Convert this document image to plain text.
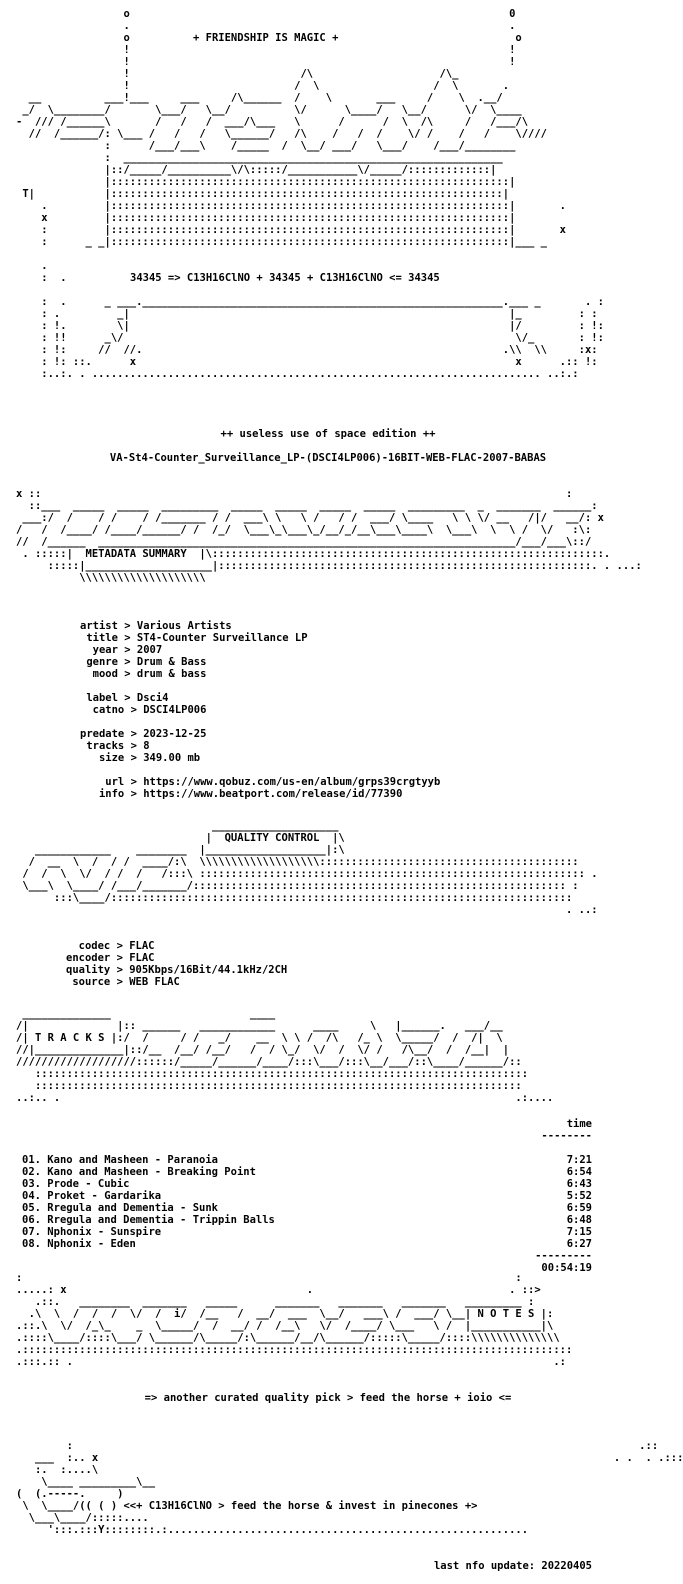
o                                                            0
.                                                            .
o          + FRIENDSHIP IS MAGIC +                            o
!                                                            !
!                                                            !
!                           /\                    /\_
!                          /  \                  /  \       .
__          ___!___     ___     /\______  /    \       ___     /    \  .__/
_/  \________/       \___/   \__/          \/      \____/   \__/      \/  \____
-  /// /______\       /   /   /  ___/\___   \      /      /  \  /\     /   /___/\
//  /______/: \___ /   /   /   \______/   /\    /   /  /    \/ /    /   /    \////
:      /___/___\    /_____  /  \__/ ___/   \___/    /___/________
:  ____________________________________________________________
|::/_____/__________\/\:::::/___________\/_____/:::::::::::::|
|:::::::::::::::::::::::::::::::::::::::::::::::::::::::::::::::|
T|           |::::::::::::::::::::::::::::::::::::::::::::::::::::::::::::::|
.         |:::::::::::::::::::::::::::::::::::::::::::::::::::::::::::::::|       .
x         |:::::::::::::::::::::::::::::::::::::::::::::::::::::::::::::::|
:         |:::::::::::::::::::::::::::::::::::::::::::::::::::::::::::::::|       x
:      _ _|:::::::::::::::::::::::::::::::::::::::::::::::::::::::::::::::|___ _

.
:  .	34345 => C13H16ClNO + 34345 + C13H16ClNO <= 34345
:  .      _ ___._________________________________________________________.___ _       . :
: .         _|                                                            |_         : :
: !.        \|                                                            |/         : !:
: !!      _\/                                                              \/_       : !:
: !:     //  //.                                                         .\\  \\     :x:
: !: ::.      x                                                            x      .:: !:
:..:. . ....................................................................... ..:.:
++ useless use of space edition ++
VA-St4-Counter_Surveillance_LP-(DSCI4LP006)-16BIT-WEB-FLAC-2007-BABAS
x ::                                                                                   :
::___  _____  _____  _________  _____  _____  _____  _____  _________  _  _______  ______:
___:/  /    / /    / /_______ / /  ___\ \   \ /   / /  ___/ \____   \ \ \/ __   /|/   __/: x
/   /  /____/ /____/______/ /  /_/  \___\_\___\_/__/_/__\___\____\  \___\  \  \ /  \/   :\:
//  /______  __________________________________________________________________/___/___\::/
. :::::|  METADATA SUMMARY  |\::::::::::::::::::::::::::::::::::::::::::::::::::::::::::::::.
:::::|____________________|:::::::::::::::::::::::::::::::::::::::::::::::::::::::::::. . ...:
\\\\\\\\\\\\\\\\\\\\
artist > Various Artists
title > ST4-Counter Surveillance LP
year > 2007
genre > Drum & Bass
mood > drum & bass

label > Dsci4
catno > DSCI4LP006

predate > 2023-12-25
tracks > 8
size > 349.00 mb

url > https://www.qobuz.com/us-en/album/grps39crgtyyb
info > https://www.beatport.com/release/id/77390
____________________
|  QUALITY CONTROL  |\
____________    ________  |___________________|:\
/  __  \  /  / /  ____/:\  \\\\\\\\\\\\\\\\\\\:::::::::::::::::::::::::::::::::::::::::
/  /  \  \/  / /  /   /:::\ ::::::::::::::::::::::::::::::::::::::::::::::::::::::::::::: .
\___\  \____/ /___/_______/::::::::::::::::::::::::::::::::::::::::::::::::::::::::::: :
:::\____/:::::::::::::::::::::::::::::::::::::::::::::::::::::::::::::::::::::::::
. ..:
codec > FLAC
encoder > FLAC
quality > 905Kbps/16Bit/44.1kHz/2CH
source > WEB FLAC
______________                      ____
/|              |:: ______   ____________      ____     \   |______.   ___/__
/| T R A C K S |:/  /     / /   _/    __  \ \ /  /\   /_ \  \_____/  /  /|  \
//|______________|::/__  /__/ /__/   /  / \_/  \/  /  \/ /   /\__/  /  /__|  |
///////////////////::::::/_____/______/____/:::\___/:::\__/___/::\____/______/::
::::::::::::::::::::::::::::::::::::::::::::::::::::::::::::::::::::::::::::::
:::::::::::::::::::::::::::::::::::::::::::::::::::::::::::::::::::::::::::::
..:.. .                                                                        .:....
time
--------

01. Kano and Masheen - Paranoia	7:21
02. Kano and Masheen - Breaking Point	6:54
03. Prode - Cubic	6:43
04. Proket - Gardarika	5:52
05. Rregula and Dementia - Sunk	6:59
06. Rregula and Dementia - Trippin Balls	6:48
07. Nphonix - Sunspire	7:15
08. Nphonix - Eden	6:27
---------
00:54:19
:                                                                              :
.....: x                                      .                               . ::>
.::.   ________  _______   _____      _______   _______   _______   _________ :
.\  \  /  /  /  \/  /  i/  /__   /  __/  ___  \__/   ___\ /  ___/ \__| N O T E S |:
.::.\  \/  /_\_    _  \_____/  /  __/ /  /__\   \/  /____/ \___   \ /  |___________|\
.::::\____/::::\___/ \______/\_____/:\______/__/\______/:::::\_____/::::\\\\\\\\\\\\\\
.:::::::::::::::::::::::::::::::::::::::::::::::::::::::::::::::::::::::::::::::::::::::
.:::.:: .                                                                            .:
=> another curated quality pick > feed the horse + ioio <=
:
___  :.. x
:.  :....\
\____ _________\__
(  (.-----.     )
\  \____/(( ( ) <<+ C13H16ClNO > feed the horse & invest in pinecones +>
\___\____/:::::....
':::.:::Y::::::::.:.........................................................
.::
. .  . .:::
last nfo update: 20220405
